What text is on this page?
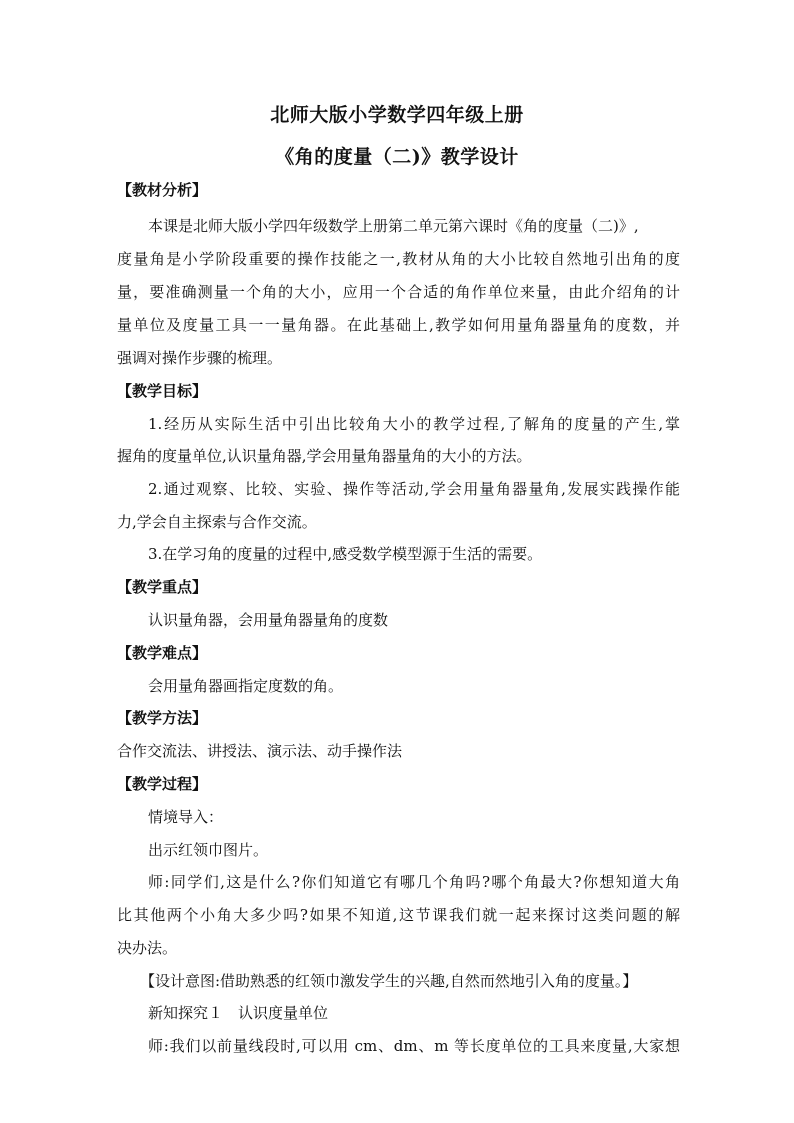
北师大版小学数学四年级上册
《角的度量（二)》教学设计
【教材分析】
本课是北师大版小学四年级数学上册第二单元第六课时《角的度量（二)》,
度量角是小学阶段重要的操作技能之一,教材从角的大小比较自然地引出角的度
量，要准确测量一个角的大小，应用一个合适的角作单位来量，由此介绍角的计
量单位及度量工具一一量角器。在此基础上,教学如何用量角器量角的度数，并
强调对操作步骤的梳理。
【教学目标】
1.经历从实际生活中引出比较角大小的教学过程,了解角的度量的产生,掌
握角的度量单位,认识量角器,学会用量角器量角的大小的方法。
2.通过观察、比较、实验、操作等活动,学会用量角器量角,发展实践操作能
力,学会自主探索与合作交流。
3.在学习角的度量的过程中,感受数学模型源于生活的需要。
【教学重点】
认识量角器，会用量角器量角的度数
【教学难点】
会用量角器画指定度数的角。
【教学方法】
合作交流法、讲授法、演示法、动手操作法
【教学过程】
情境导入：
出示红领巾图片。
师:同学们,这是什么?你们知道它有哪几个角吗?哪个角最大?你想知道大角
比其他两个小角大多少吗?如果不知道,这节课我们就一起来探讨这类问题的解
决办法。
【设计意图:借助熟悉的红领巾激发学生的兴趣,自然而然地引入角的度量。】
新知探究１　认识度量单位
师:我们以前量线段时,可以用 cm、dm、m 等长度单位的工具来度量,大家想
